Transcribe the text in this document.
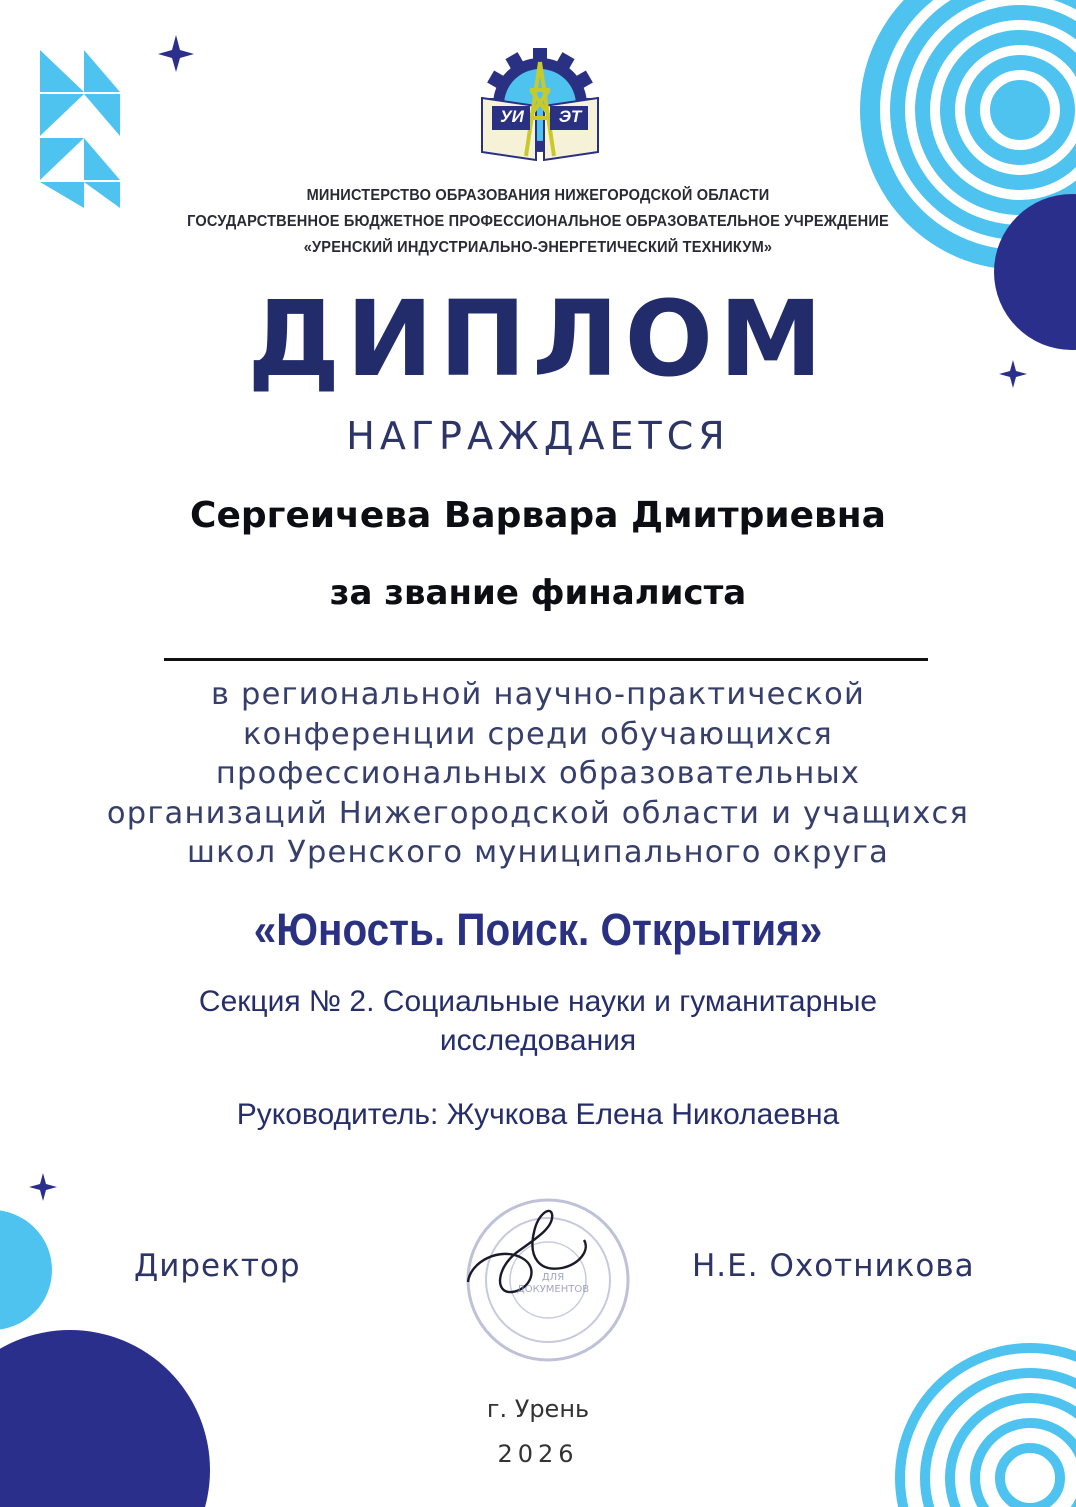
УИ	ЭТ
МИНИСТЕРСТВО ОБРАЗОВАНИЯ НИЖЕГОРОДСКОЙ ОБЛАСТИ
ГОСУДАРСТВЕННОЕ БЮДЖЕТНОЕ ПРОФЕССИОНАЛЬНОЕ ОБРАЗОВАТЕЛЬНОЕ УЧРЕЖДЕНИЕ
«УРЕНСКИЙ ИНДУСТРИАЛЬНО-ЭНЕРГЕТИЧЕСКИЙ ТЕХНИКУМ»
ДИПЛОМ
НАГРАЖДАЕТСЯ
Сергеичева Варвара Дмитриевна
за звание финалиста
в региональной научно-практической
конференции среди обучающихся
профессиональных образовательных
организаций Нижегородской области и учащихся
школ Уренского муниципального округа
«Юность. Поиск. Открытия»
Секция № 2. Социальные науки и гуманитарные
исследования
Руководитель: Жучкова Елена Николаевна
Директор	Н.Е. Охотникова
ДЛЯ ДОКУМЕНТОВ
г. Урень
2026
